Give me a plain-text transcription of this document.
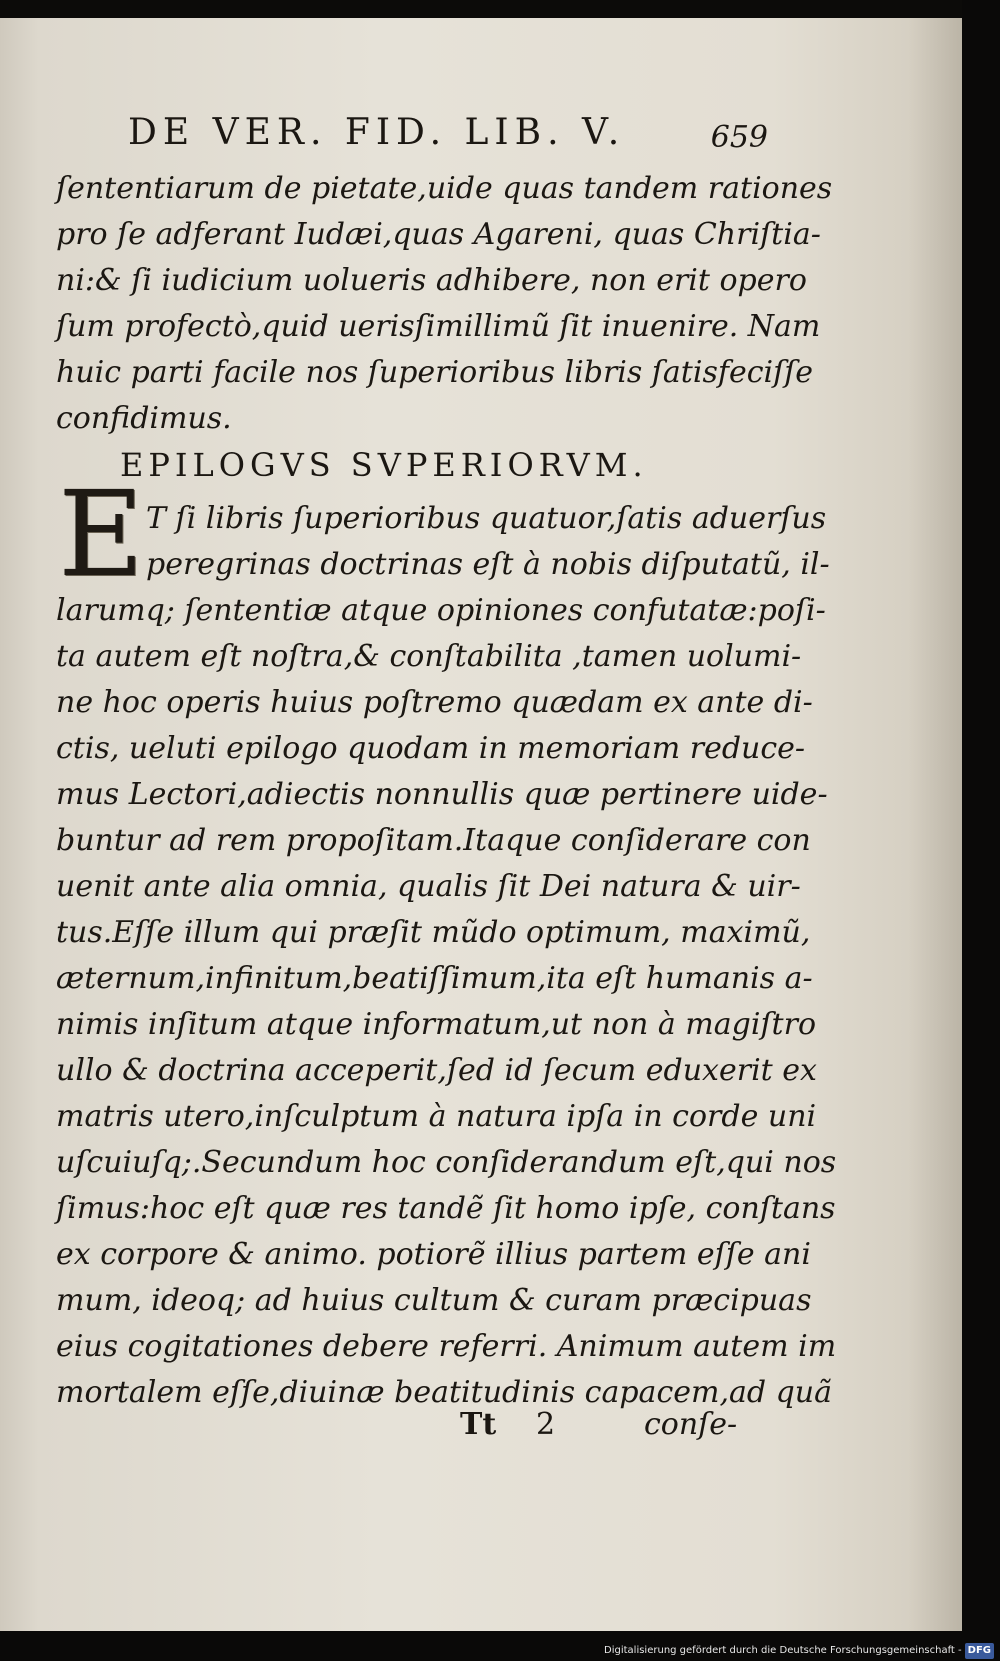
DE VER. FID. LIB. V.	659
ſententiarum de pietate,uide quas tandem rationes
pro ſe adferant Iudæi,quas Agareni, quas Chriſtia-
ni:& ſi iudicium uolueris adhibere, non erit opero
ſum profectò,quid uerisſimillimũ ſit inuenire. Nam
huic parti facile nos ſuperioribus libris ſatisfeciſſe
confidimus.
EPILOGVS SVPERIORVM.
E T ſi libris ſuperioribus quatuor,ſatis aduerſus
peregrinas doctrinas eſt à nobis diſputatũ, il-
larumq; ſententiæ atque opiniones confutatæ:poſi-
ta autem eſt noſtra,& conſtabilita ,tamen uolumi-
ne hoc operis huius poſtremo quædam ex ante di-
ctis, ueluti epilogo quodam in memoriam reduce-
mus Lectori,adiectis nonnullis quæ pertinere uide-
buntur ad rem propoſitam.Itaque conſiderare con
uenit ante alia omnia, qualis ſit Dei natura & uir-
tus.Eſſe illum qui præſit mũdo optimum, maximũ,
æternum,infinitum,beatiſſimum,ita eſt humanis a-
nimis inſitum atque informatum,ut non à magiſtro
ullo & doctrina acceperit,ſed id ſecum eduxerit ex
matris utero,inſculptum à natura ipſa in corde uni
uſcuiuſq;.Secundum hoc conſiderandum eſt,qui nos
ſimus:hoc eſt quæ res tandẽ ſit homo ipſe, conſtans
ex corpore & animo. potiorẽ illius partem eſſe ani
mum, ideoq; ad huius cultum & curam præcipuas
eius cogitationes debere referri. Animum autem im
mortalem eſſe,diuinæ beatitudinis capacem,ad quã
Tt 2	conſe-
Digitalisierung gefördert durch die Deutsche Forschungsgemeinschaft - DFG
